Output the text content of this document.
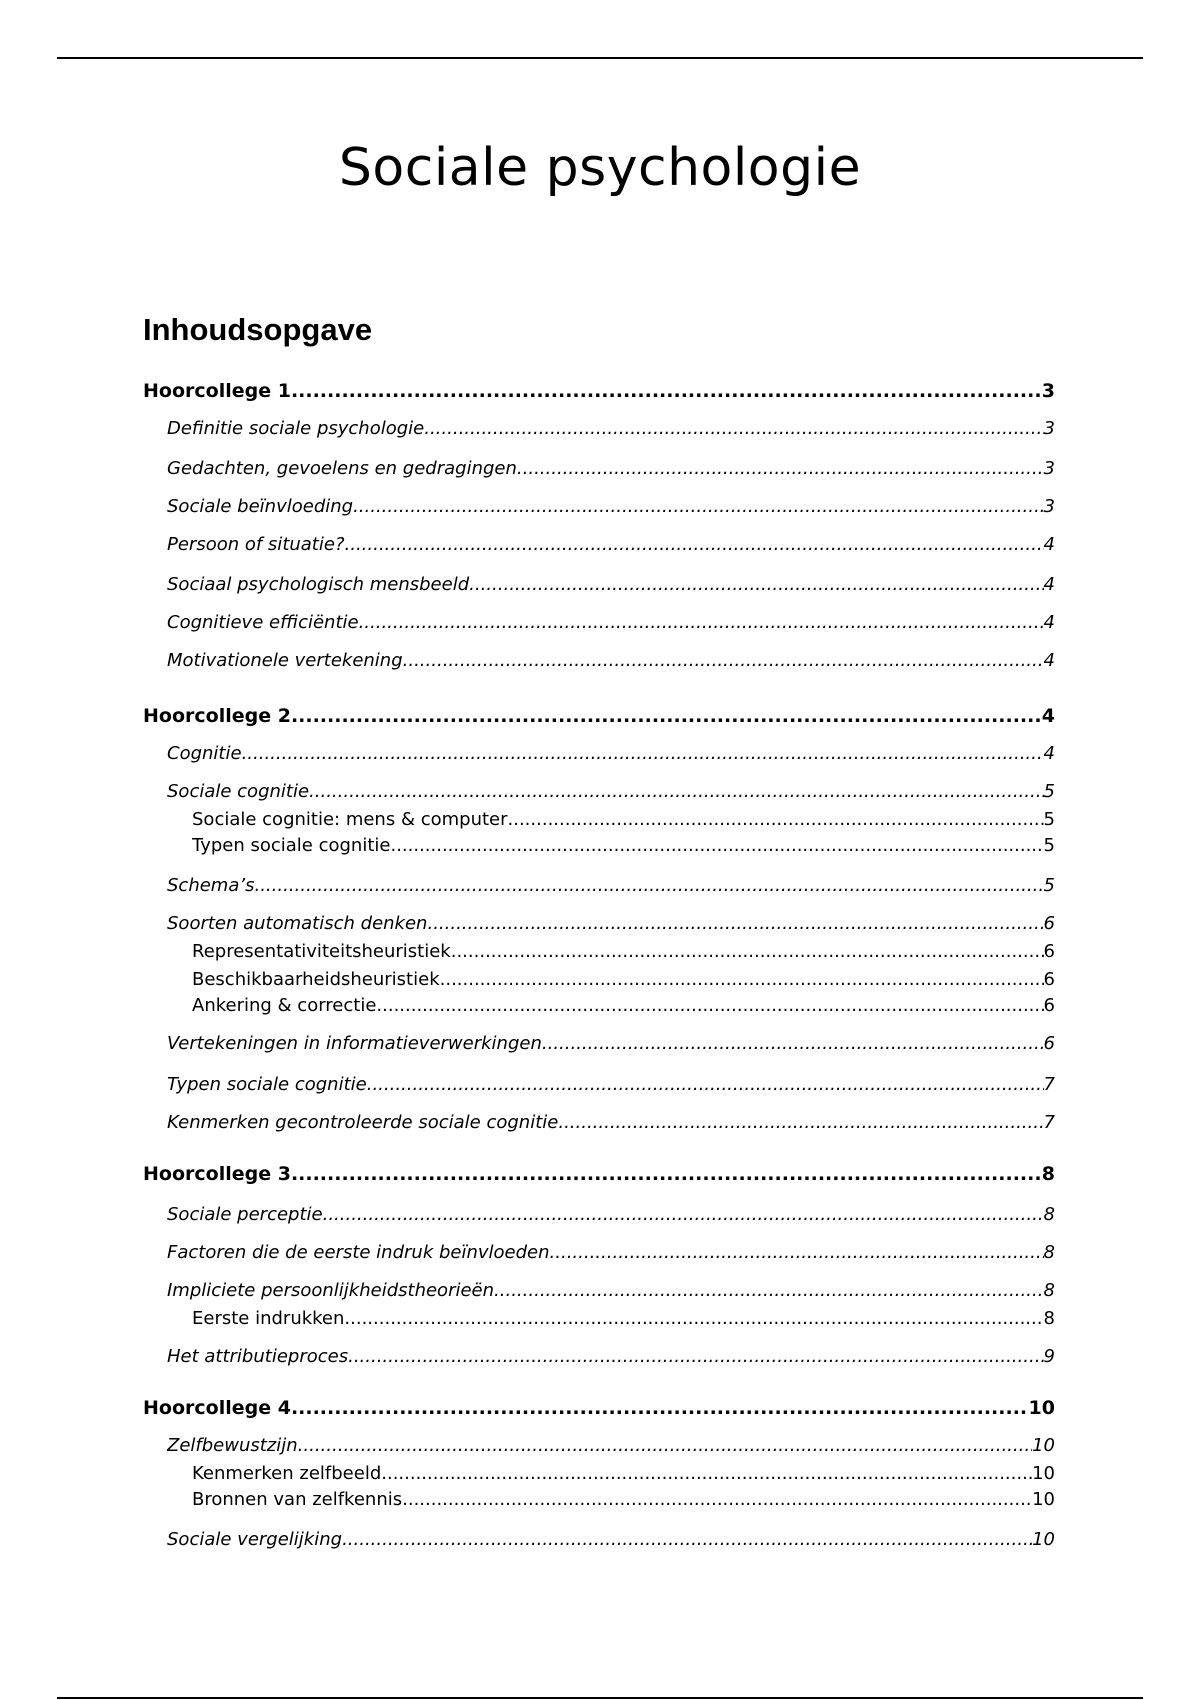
Sociale psychologie
Inhoudsopgave
Hoorcollege 1 .....	3
Definitie sociale psychologie .....	3
Gedachten, gevoelens en gedragingen .....	3
Sociale beïnvloeding .....	3
Persoon of situatie? .....	4
Sociaal psychologisch mensbeeld .....	4
Cognitieve efficiëntie .....	4
Motivationele vertekening .....	4
Hoorcollege 2 .....	4
Cognitie .....	4
Sociale cognitie .....	5
Sociale cognitie: mens & computer .....	5
Typen sociale cognitie .....	5
Schema’s .....	5
Soorten automatisch denken .....	6
Representativiteitsheuristiek .....	6
Beschikbaarheidsheuristiek .....	6
Ankering & correctie .....	6
Vertekeningen in informatieverwerkingen .....	6
Typen sociale cognitie .....	7
Kenmerken gecontroleerde sociale cognitie .....	7
Hoorcollege 3 .....	8
Sociale perceptie .....	8
Factoren die de eerste indruk beïnvloeden .....	8
Impliciete persoonlijkheidstheorieën .....	8
Eerste indrukken .....	8
Het attributieproces .....	9
Hoorcollege 4 .....	10
Zelfbewustzijn .....	10
Kenmerken zelfbeeld .....	10
Bronnen van zelfkennis .....	10
Sociale vergelijking .....	10
